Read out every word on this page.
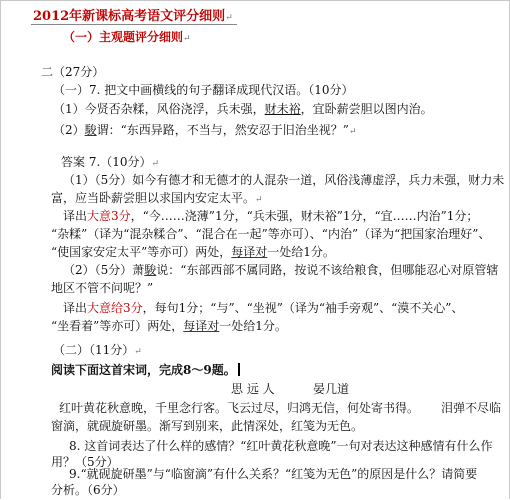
2012年新课标高考语文评分细则↵
（一）主观题评分细则↵
二（27分）
（一）7. 把文中画横线的句子翻译成现代汉语。（10分）
（1）今贤否杂糅，风俗浇浮，兵未强，财未裕，宜卧薪尝胆以图内治。
（2）駿谓：“东西异路，不当与，然安忍于旧治坐视？”↵
答案 7.（10分）↵
（1）（5分）如今有德才和无德才的人混杂一道，风俗浅薄虚浮，兵力未强，财力未
富，应当卧薪尝胆以求国内安定太平。↵
译出大意3分，“今……浇薄”1分，“兵未强，财未裕”1分，“宜……内治”1分；
“杂糅”（译为“混杂糅合”、“混合在一起”等亦可）、“内治”（译为“把国家治理好”、
“使国家安定太平”等亦可）两处，每译对一处给1分。
（2）（5分）萧駿说：“东部西部不属同路，按说不该给粮食，但哪能忍心对原管辖
地区不管不问呢？”
译出大意给3分，每句1分；“与”、“坐视”（译为“袖手旁观”、“漠不关心”、
“坐看着”等亦可）两处，每译对一处给1分。
（二）（11分）↵
阅读下面这首宋词，完成8～9题。
思 远 人	晏几道
红叶黄花秋意晚，千里念行客。飞云过尽，归鸿无信，何处寄书得。 泪弹不尽临
窗滴，就砚旋研墨。渐写到别来，此情深处，红笺为无色。
8. 这首词表达了什么样的感情？“红叶黄花秋意晚”一句对表达这种感情有什么作
用？（5分）
9.“就砚旋研墨”与“临窗滴”有什么关系？“红笺为无色”的原因是什么？请简要
分析。（6分）
